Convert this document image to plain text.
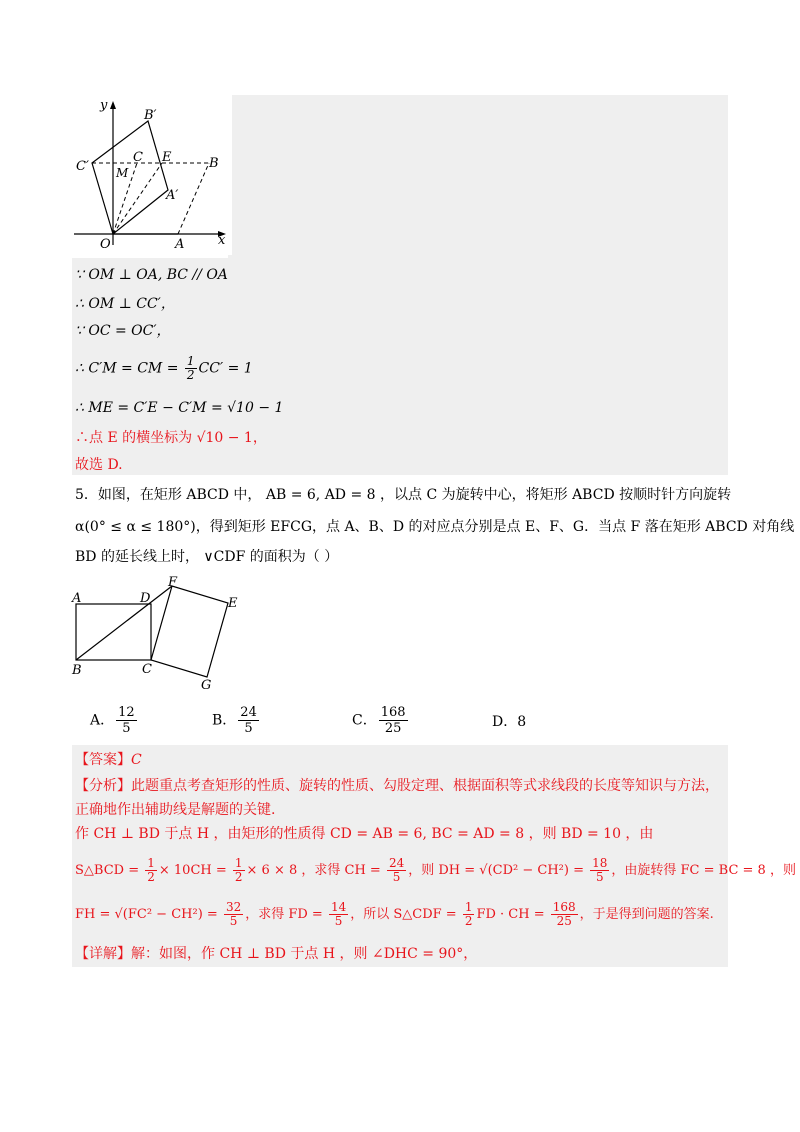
y
x
O	A
B
B′
C
C′
E
M
A′
∵ OM ⊥ OA, BC // OA
∴ OM ⊥ CC′，
∵ OC = OC′，
∴ C′M = CM = $\frac{1}{2} CC' = 1$
∴ ME = C′E − C′M = √10 − 1
∴点 E 的横坐标为 √10 − 1，
故选 D.
5．如图，在矩形 ABCD 中， AB = 6, AD = 8 ，以点 C 为旋转中心，将矩形 ABCD 按顺时针方向旋转
α(0° ≤ α ≤ 180°)，得到矩形 EFCG，点 A、B、D 的对应点分别是点 E、F、G．当点 F 落在矩形 ABCD 对角线
BD 的延长线上时， ∨CDF 的面积为（ ）
A
B	C
D	E
F
G
A． $\frac{12}{5}$	B． $\frac{24}{5}$	C． $\frac{168}{25}$	D．8
【答案】C
【分析】此题重点考查矩形的性质、旋转的性质、勾股定理、根据面积等式求线段的长度等知识与方法，
正确地作出辅助线是解题的关键.
作 CH ⊥ BD 于点 H ，由矩形的性质得 CD = AB = 6, BC = AD = 8 ，则 BD = 10 ，由
S△BCD = $\frac{1}{2} \times 10CH = \frac{1}{2} \times 6 \times 8$ ，求得 CH = $\frac{24}{5}$ ，则 DH = $√(CD^2 - CH^2) = \frac{18}{5}$ ，由旋转得 FC = BC = 8 ，则
FH = $√(FC^2 - CH^2) = \frac{32}{5}$ ，求得 FD = $\frac{14}{5}$ ，所以 S△CDF = $\frac{1}{2}$ FD · CH = $\frac{168}{25}$ ，于是得到问题的答案.
【详解】解：如图，作 CH ⊥ BD 于点 H ，则 ∠DHC = 90°，
